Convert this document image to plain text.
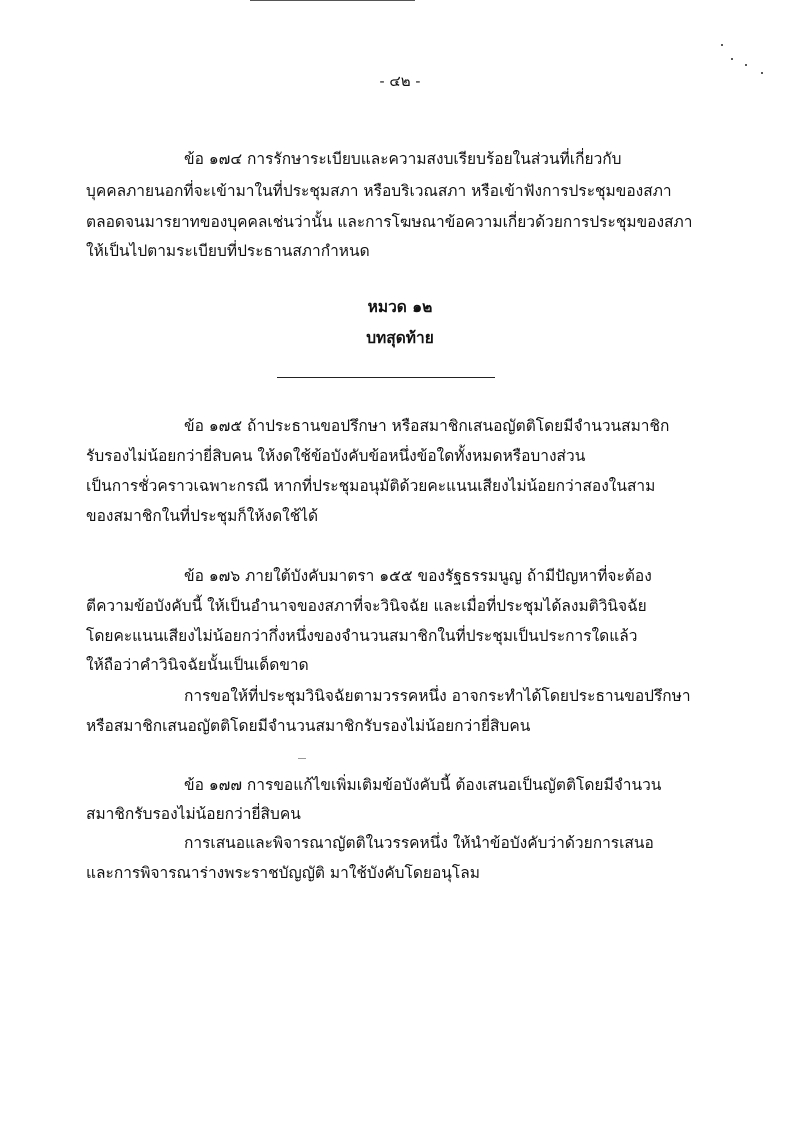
- ๔๒ -
ข้อ ๑๗๔ การรักษาระเบียบและความสงบเรียบร้อยในส่วนที่เกี่ยวกับ
บุคคลภายนอกที่จะเข้ามาในที่ประชุมสภา หรือบริเวณสภา หรือเข้าฟังการประชุมของสภา
ตลอดจนมารยาทของบุคคลเช่นว่านั้น และการโฆษณาข้อความเกี่ยวด้วยการประชุมของสภา
ให้เป็นไปตามระเบียบที่ประธานสภากำหนด
หมวด ๑๒
บทสุดท้าย
ข้อ ๑๗๕ ถ้าประธานขอปรึกษา หรือสมาชิกเสนอญัตติโดยมีจำนวนสมาชิก
รับรองไม่น้อยกว่ายี่สิบคน ให้งดใช้ข้อบังคับข้อหนึ่งข้อใดทั้งหมดหรือบางส่วน
เป็นการชั่วคราวเฉพาะกรณี หากที่ประชุมอนุมัติด้วยคะแนนเสียงไม่น้อยกว่าสองในสาม
ของสมาชิกในที่ประชุมก็ให้งดใช้ได้
ข้อ ๑๗๖ ภายใต้บังคับมาตรา ๑๕๕ ของรัฐธรรมนูญ ถ้ามีปัญหาที่จะต้อง
ตีความข้อบังคับนี้ ให้เป็นอำนาจของสภาที่จะวินิจฉัย และเมื่อที่ประชุมได้ลงมติวินิจฉัย
โดยคะแนนเสียงไม่น้อยกว่ากึ่งหนึ่งของจำนวนสมาชิกในที่ประชุมเป็นประการใดแล้ว
ให้ถือว่าคำวินิจฉัยนั้นเป็นเด็ดขาด
การขอให้ที่ประชุมวินิจฉัยตามวรรคหนึ่ง อาจกระทำได้โดยประธานขอปรึกษา
หรือสมาชิกเสนอญัตติโดยมีจำนวนสมาชิกรับรองไม่น้อยกว่ายี่สิบคน
ข้อ ๑๗๗ การขอแก้ไขเพิ่มเติมข้อบังคับนี้ ต้องเสนอเป็นญัตติโดยมีจำนวน
สมาชิกรับรองไม่น้อยกว่ายี่สิบคน
การเสนอและพิจารณาญัตติในวรรคหนึ่ง ให้นำข้อบังคับว่าด้วยการเสนอ
และการพิจารณาร่างพระราชบัญญัติ มาใช้บังคับโดยอนุโลม
